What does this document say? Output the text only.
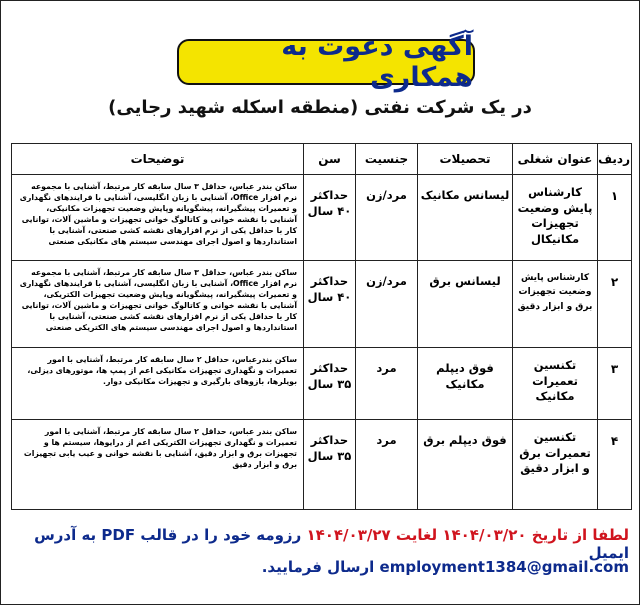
آگهی دعوت به همکاری
در یک شرکت نفتی (منطقه اسکله شهید رجایی)
ردیف	عنوان شغلی	تحصیلات	جنسیت	سن	توضیحات
۱	کارشناس پایش وضعیت تجهیزات مکانیکال	لیسانس مکانیک	مرد/زن	حداکثر ۴۰ سال	ساکن بندر عباس، حداقل ۳ سال سابقه کار مرتبط، آشنایی با مجموعه نرم افزار Office، آشنایی با زبان انگلیسی، آشنایی با فرایندهای نگهداری و تعمیرات پیشگیرانه، پیشگویانه وپایش وضعیت تجهیزات مکانیکی، آشنایی با نقشه خوانی و کاتالوگ خوانی تجهیزات و ماشین آلات، توانایی کار با حداقل یکی از نرم افزارهای نقشه کشی صنعتی، آشنایی با استانداردها و اصول اجرای مهندسی سیستم های مکانیکی صنعتی
۲	کارشناس پایش وضعیت تجهیزات برق و ابزار دقیق	لیسانس برق	مرد/زن	حداکثر ۴۰ سال	ساکن بندر عباس، حداقل ۳ سال سابقه کار مرتبط، آشنایی با مجموعه نرم افزار Office، آشنایی با زبان انگلیسی، آشنایی با فرایندهای نگهداری و تعمیرات پیشگیرانه، پیشگویانه وپایش وضعیت تجهیزات الکتریکی، آشنایی با نقشه خوانی و کاتالوگ خوانی تجهیزات و ماشین آلات، توانایی کار با حداقل یکی از نرم افزارهای نقشه کشی صنعتی، آشنایی با استانداردها و اصول اجرای مهندسی سیستم های الکتریکی صنعتی
۳	تکنسین تعمیرات مکانیک	فوق دیپلم مکانیک	مرد	حداکثر ۳۵ سال	ساکن بندرعباس، حداقل ۲ سال سابقه کار مرتبط، آشنایی با امور تعمیرات و نگهداری تجهیزات مکانیکی اعم از پمپ ها، موتورهای دیزلی، بویلرها، بازوهای بارگیری و تجهیزات مکانیکی دوار.
۴	تکنسین تعمیرات برق و ابزار دقیق	فوق دیپلم برق	مرد	حداکثر ۳۵ سال	ساکن بندر عباس، حداقل ۲ سال سابقه کار مرتبط، آشنایی با امور تعمیرات و نگهداری تجهیزات الکتریکی اعم از درایوها، سیستم ها و تجهیزات برق و ابزار دقیق، آشنایی با نقشه خوانی و عیب یابی تجهیزات برق و ابزار دقیق
لطفا از تاریخ ۱۴۰۴/۰۳/۲۰ لغایت ۱۴۰۴/۰۳/۲۷ رزومه خود را در قالب PDF به آدرس ایمیل
employment1384@gmail.com ارسال فرمایید.
